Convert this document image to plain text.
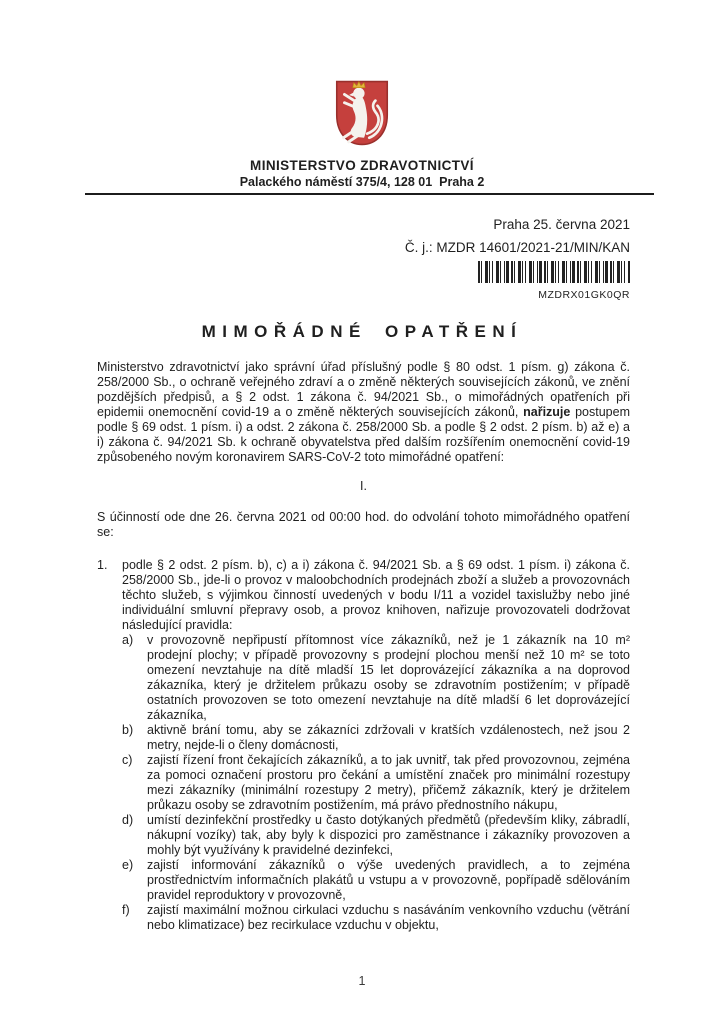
MINISTERSTVO ZDRAVOTNICTVÍ
Palackého náměstí 375/4, 128 01  Praha 2
Praha 25. června 2021
Č. j.: MZDR 14601/2021-21/MIN/KAN
MZDRX01GK0QR
MIMOŘÁDNÉ OPATŘENÍ

Ministerstvo zdravotnictví jako správní úřad příslušný podle § 80 odst. 1 písm. g) zákona č. 258/2000 Sb., o ochraně veřejného zdraví a o změně některých souvisejících zákonů, ve znění pozdějších předpisů, a § 2 odst. 1 zákona č. 94/2021 Sb., o mimořádných opatřeních při epidemii onemocnění covid-19 a o změně některých souvisejících zákonů, nařizuje postupem podle § 69 odst. 1 písm. i) a odst. 2 zákona č. 258/2000 Sb. a podle § 2 odst. 2 písm. b) až e) a i) zákona č. 94/2021 Sb. k ochraně obyvatelstva před dalším rozšířením onemocnění covid-19 způsobeného novým koronavirem SARS-CoV-2 toto mimořádné opatření:

I.

S účinností ode dne 26. června 2021 od 00:00 hod. do odvolání tohoto mimořádného opatření se:

1.	podle § 2 odst. 2 písm. b), c) a i) zákona č. 94/2021 Sb. a § 69 odst. 1 písm. i) zákona č. 258/2000 Sb., jde-li o provoz v maloobchodních prodejnách zboží a služeb a provozovnách těchto služeb, s výjimkou činností uvedených v bodu I/11 a vozidel taxislužby nebo jiné individuální smluvní přepravy osob, a provoz knihoven, nařizuje provozovateli dodržovat následující pravidla:
a)	v provozovně nepřipustí přítomnost více zákazníků, než je 1 zákazník na 10 m² prodejní plochy; v případě provozovny s prodejní plochou menší než 10 m² se toto omezení nevztahuje na dítě mladší 15 let doprovázející zákazníka a na doprovod zákazníka, který je držitelem průkazu osoby se zdravotním postižením; v případě ostatních provozoven se toto omezení nevztahuje na dítě mladší 6 let doprovázející zákazníka,
b)	aktivně brání tomu, aby se zákazníci zdržovali v kratších vzdálenostech, než jsou 2 metry, nejde-li o členy domácnosti,
c)	zajistí řízení front čekajících zákazníků, a to jak uvnitř, tak před provozovnou, zejména za pomoci označení prostoru pro čekání a umístění značek pro minimální rozestupy mezi zákazníky (minimální rozestupy 2 metry), přičemž zákazník, který je držitelem průkazu osoby se zdravotním postižením, má právo přednostního nákupu,
d)	umístí dezinfekční prostředky u často dotýkaných předmětů (především kliky, zábradlí, nákupní vozíky) tak, aby byly k dispozici pro zaměstnance i zákazníky provozoven a mohly být využívány k pravidelné dezinfekci,
e)	zajistí informování zákazníků o výše uvedených pravidlech, a to zejména prostřednictvím informačních plakátů u vstupu a v provozovně, popřípadě sdělováním pravidel reproduktory v provozovně,
f)	zajistí maximální možnou cirkulaci vzduchu s nasáváním venkovního vzduchu (větrání nebo klimatizace) bez recirkulace vzduchu v objektu,
1
